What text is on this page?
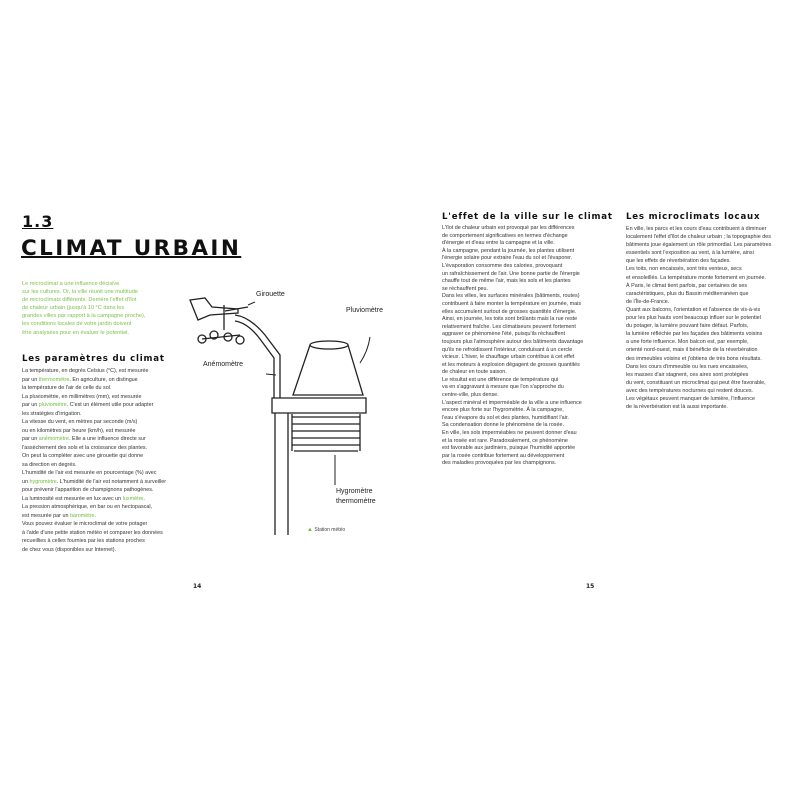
1.3
CLIMAT URBAIN
Le microclimat a une influence décisive
sur les cultures. Or, la ville réunit une multitude
de microclimats différents. Derrière l'effet d'îlot
de chaleur urbain (jusqu'à 10 °C dans les
grandes villes par rapport à la campagne proche),
les conditions locales de votre jardin doivent
être analysées pour en évaluer le potentiel.
Les paramètres du climat
La température, en degrés Celsius (°C), est mesurée
par un thermomètre. En agriculture, on distingue
la température de l'air de celle du sol.
La pluviométrie, en millimètres (mm), est mesurée
par un pluviomètre. C'est un élément utile pour adapter
les stratégies d'irrigation.
La vitesse du vent, en mètres par seconde (m/s)
ou en kilomètres par heure (km/h), est mesurée
par un anémomètre. Elle a une influence directe sur
l'assèchement des sols et la croissance des plantes.
On peut la compléter avec une girouette qui donne
sa direction en degrés.
L'humidité de l'air est mesurée en pourcentage (%) avec
un hygromètre. L'humidité de l'air est notamment à surveiller
pour prévenir l'apparition de champignons pathogènes.
La luminosité est mesurée en lux avec un luxmètre.
La pression atmosphérique, en bar ou en hectopascal,
est mesurée par un baromètre.
Vous pouvez évaluer le microclimat de votre potager
à l'aide d'une petite station météo et comparer les données
recueillies à celles fournies par les stations proches
de chez vous (disponibles sur Internet).
Girouette
Pluviomètre
Anémomètre
Hygromètre
thermomètre
▲ Station météo
14
L'effet de la ville sur le climat
L'îlot de chaleur urbain est provoqué par les différences
de comportement significatives en termes d'échange
d'énergie et d'eau entre la campagne et la ville.
À la campagne, pendant la journée, les plantes utilisent
l'énergie solaire pour extraire l'eau du sol et l'évaporer.
L'évaporation consomme des calories, provoquant
un rafraîchissement de l'air. Une bonne partie de l'énergie
chauffe tout de même l'air, mais les sols et les plantes
se réchauffent peu.
Dans les villes, les surfaces minérales (bâtiments, routes)
contribuent à faire monter la température en journée, mais
elles accumulent surtout de grosses quantités d'énergie.
Ainsi, en journée, les toits sont brûlants mais la rue reste
relativement fraîche. Les climatiseurs peuvent fortement
aggraver ce phénomène l'été, puisqu'ils réchauffent
toujours plus l'atmosphère autour des bâtiments davantage
qu'ils ne refroidissent l'intérieur, conduisant à un cercle
vicieux. L'hiver, le chauffage urbain contribue à cet effet
et les moteurs à explosion dégagent de grosses quantités
de chaleur en toute saison.
Le résultat est une différence de température qui
va en s'aggravant à mesure que l'on s'approche du
centre-ville, plus dense.
L'aspect minéral et imperméable de la ville a une influence
encore plus forte sur l'hygrométrie. À la campagne,
l'eau s'évapore du sol et des plantes, humidifiant l'air.
Sa condensation donne le phénomène de la rosée.
En ville, les sols imperméables ne peuvent donner d'eau
et la rosée est rare. Paradoxalement, ce phénomène
est favorable aux jardiniers, puisque l'humidité apportée
par la rosée contribue fortement au développement
des maladies provoquées par les champignons.
Les microclimats locaux
En ville, les parcs et les cours d'eau contribuent à diminuer
localement l'effet d'îlot de chaleur urbain ; la topographie des
bâtiments joue également un rôle primordial. Les paramètres
essentiels sont l'exposition au vent, à la lumière, ainsi
que les effets de réverbération des façades.
Les toits, non encaissés, sont très venteux, secs
et ensoleillés. La température monte fortement en journée.
À Paris, le climat tient parfois, par certaines de ses
caractéristiques, plus du Bassin méditerranéen que
de l'Île-de-France.
Quant aux balcons, l'orientation et l'absence de vis-à-vis
pour les plus hauts vont beaucoup influer sur le potentiel
du potager, la lumière pouvant faire défaut. Parfois,
la lumière réfléchie par les façades des bâtiments voisins
a une forte influence. Mon balcon est, par exemple,
orienté nord-ouest, mais il bénéficie de la réverbération
des immeubles voisins et j'obtiens de très bons résultats.
Dans les cours d'immeuble ou les rues encaissées,
les masses d'air stagnent, ces aires sont protégées
du vent, constituant un microclimat qui peut être favorable,
avec des températures nocturnes qui restent douces.
Les végétaux peuvent manquer de lumière, l'influence
de la réverbération est là aussi importante.
15
